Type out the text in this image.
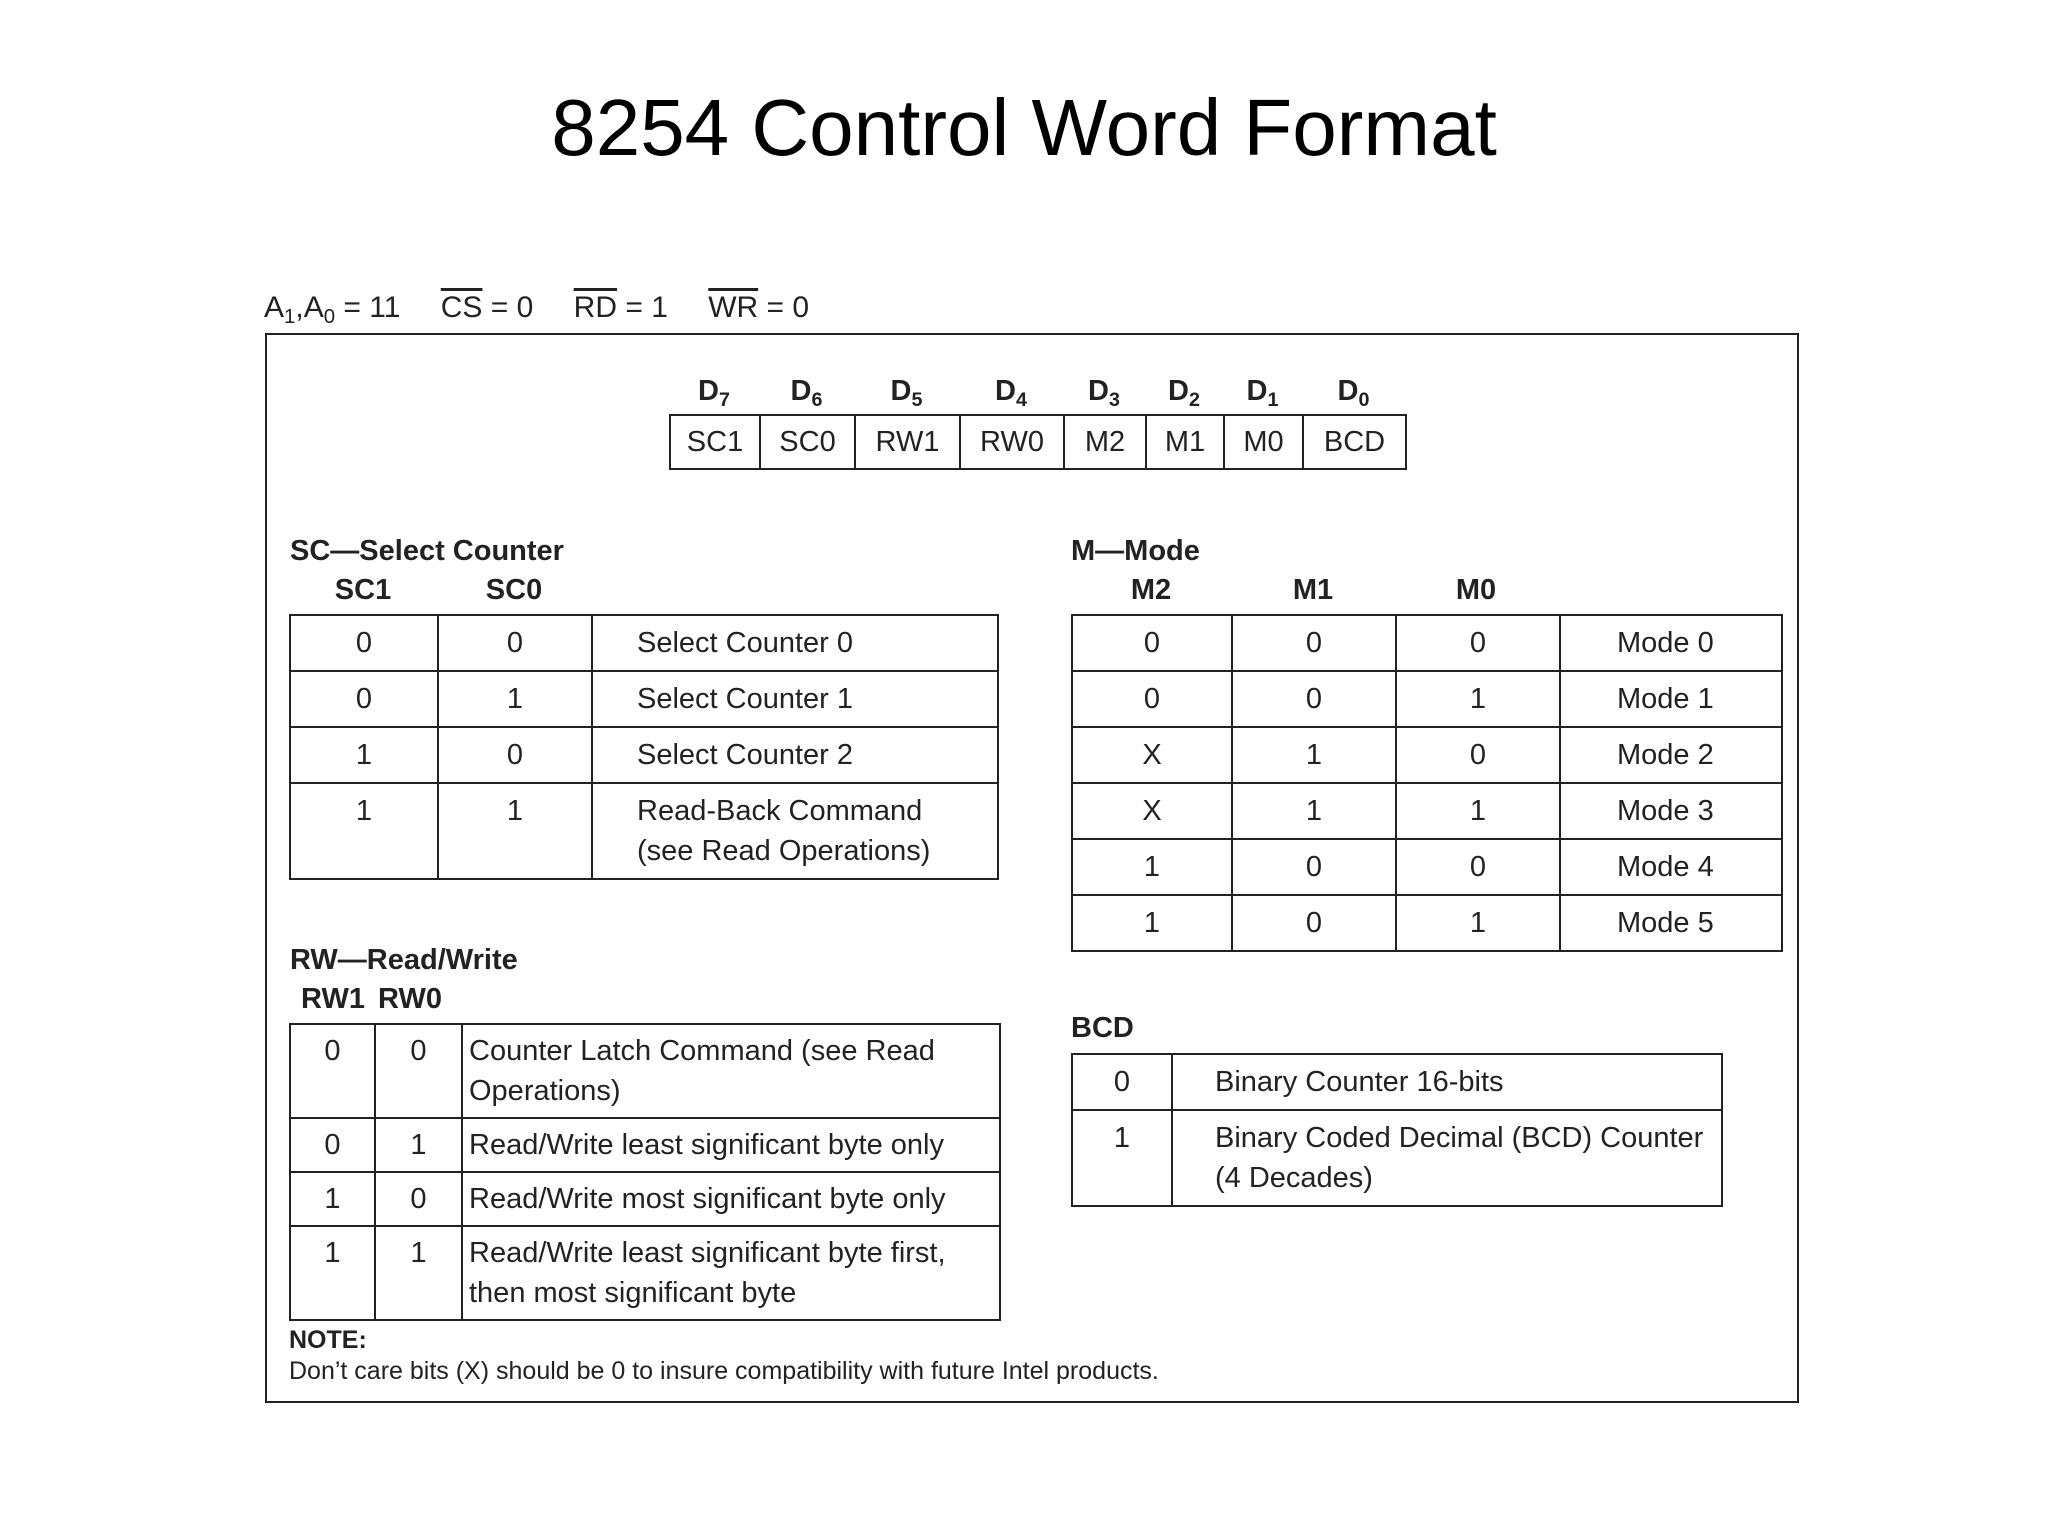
8254 Control Word Format
$A_1,A_0 = 11$ $\overline{CS} = 0$ $\overline{RD} = 1$ $\overline{WR} = 0$
$D_7$	$D_6$	$D_5$	$D_4$	$D_3$	$D_2$	$D_1$	$D_0$
SC1	SC0	RW1	RW0	M2	M1	M0	BCD
SC—Select Counter
SC1	SC0
0	0	Select Counter 0

0	1	Select Counter 1

1	0	Select Counter 2

1	1	Read-Back Command
(see Read Operations)
M—Mode
M2	M1	M0
0	0	0	Mode 0
0	0	1	Mode 1
X	1	0	Mode 2
X	1	1	Mode 3
1	0	0	Mode 4
1	0	1	Mode 5
RW—Read/Write
RW1 RW0
0	0	Counter Latch Command (see Read
Operations)

0	1	Read/Write least significant byte only

1	0	Read/Write most significant byte only

1	1	Read/Write least significant byte first,
then most significant byte
BCD
0	Binary Counter 16-bits

1	Binary Coded Decimal (BCD) Counter
(4 Decades)
NOTE:
Don’t care bits (X) should be 0 to insure compatibility with future Intel products.
